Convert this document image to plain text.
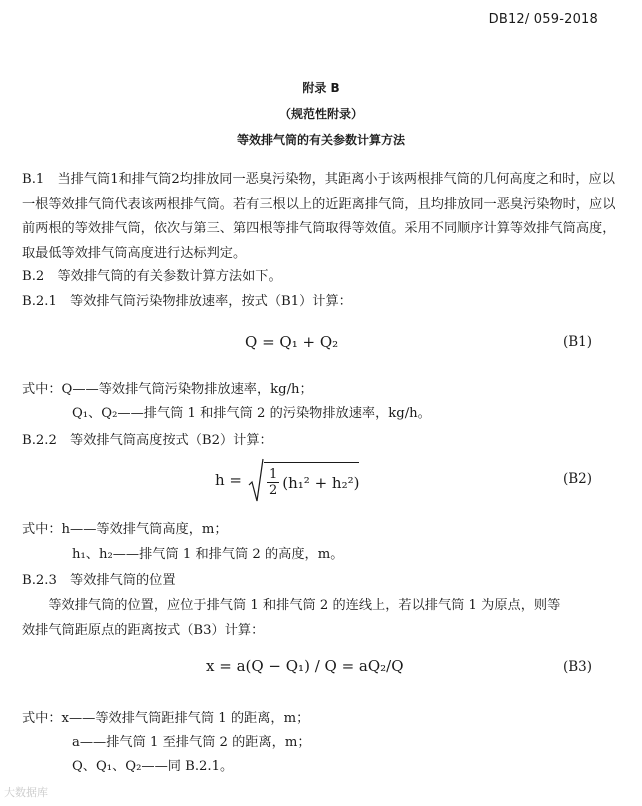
DB12/ 059-2018
附录 B
（规范性附录）
等效排气筒的有关参数计算方法
B.1　当排气筒1和排气筒2均排放同一恶臭污染物，其距离小于该两根排气筒的几何高度之和时，应以一根等效排气筒代表该两根排气筒。若有三根以上的近距离排气筒，且均排放同一恶臭污染物时，应以前两根的等效排气筒，依次与第三、第四根等排气筒取得等效值。采用不同顺序计算等效排气筒高度，取最低等效排气筒高度进行达标判定。
B.2　等效排气筒的有关参数计算方法如下。
B.2.1　等效排气筒污染物排放速率，按式（B1）计算：
Q = Q₁ + Q₂	(B1)
式中：Q——等效排气筒污染物排放速率，kg/h；
Q₁、Q₂——排气筒 1 和排气筒 2 的污染物排放速率，kg/h。
B.2.2　等效排气筒高度按式（B2）计算：
$h = \frac{1}{2} (h_1^2 + h_2^2)$	(B2)
式中：h——等效排气筒高度，m；
h₁、h₂——排气筒 1 和排气筒 2 的高度，m。
B.2.3　等效排气筒的位置
　　等效排气筒的位置，应位于排气筒 1 和排气筒 2 的连线上，若以排气筒 1 为原点，则等
效排气筒距原点的距离按式（B3）计算：
x = a(Q − Q₁) / Q = aQ₂/Q	(B3)
式中：x——等效排气筒距排气筒 1 的距离，m；
a——排气筒 1 至排气筒 2 的距离，m；
Q、Q₁、Q₂——同 B.2.1。
大数据库
